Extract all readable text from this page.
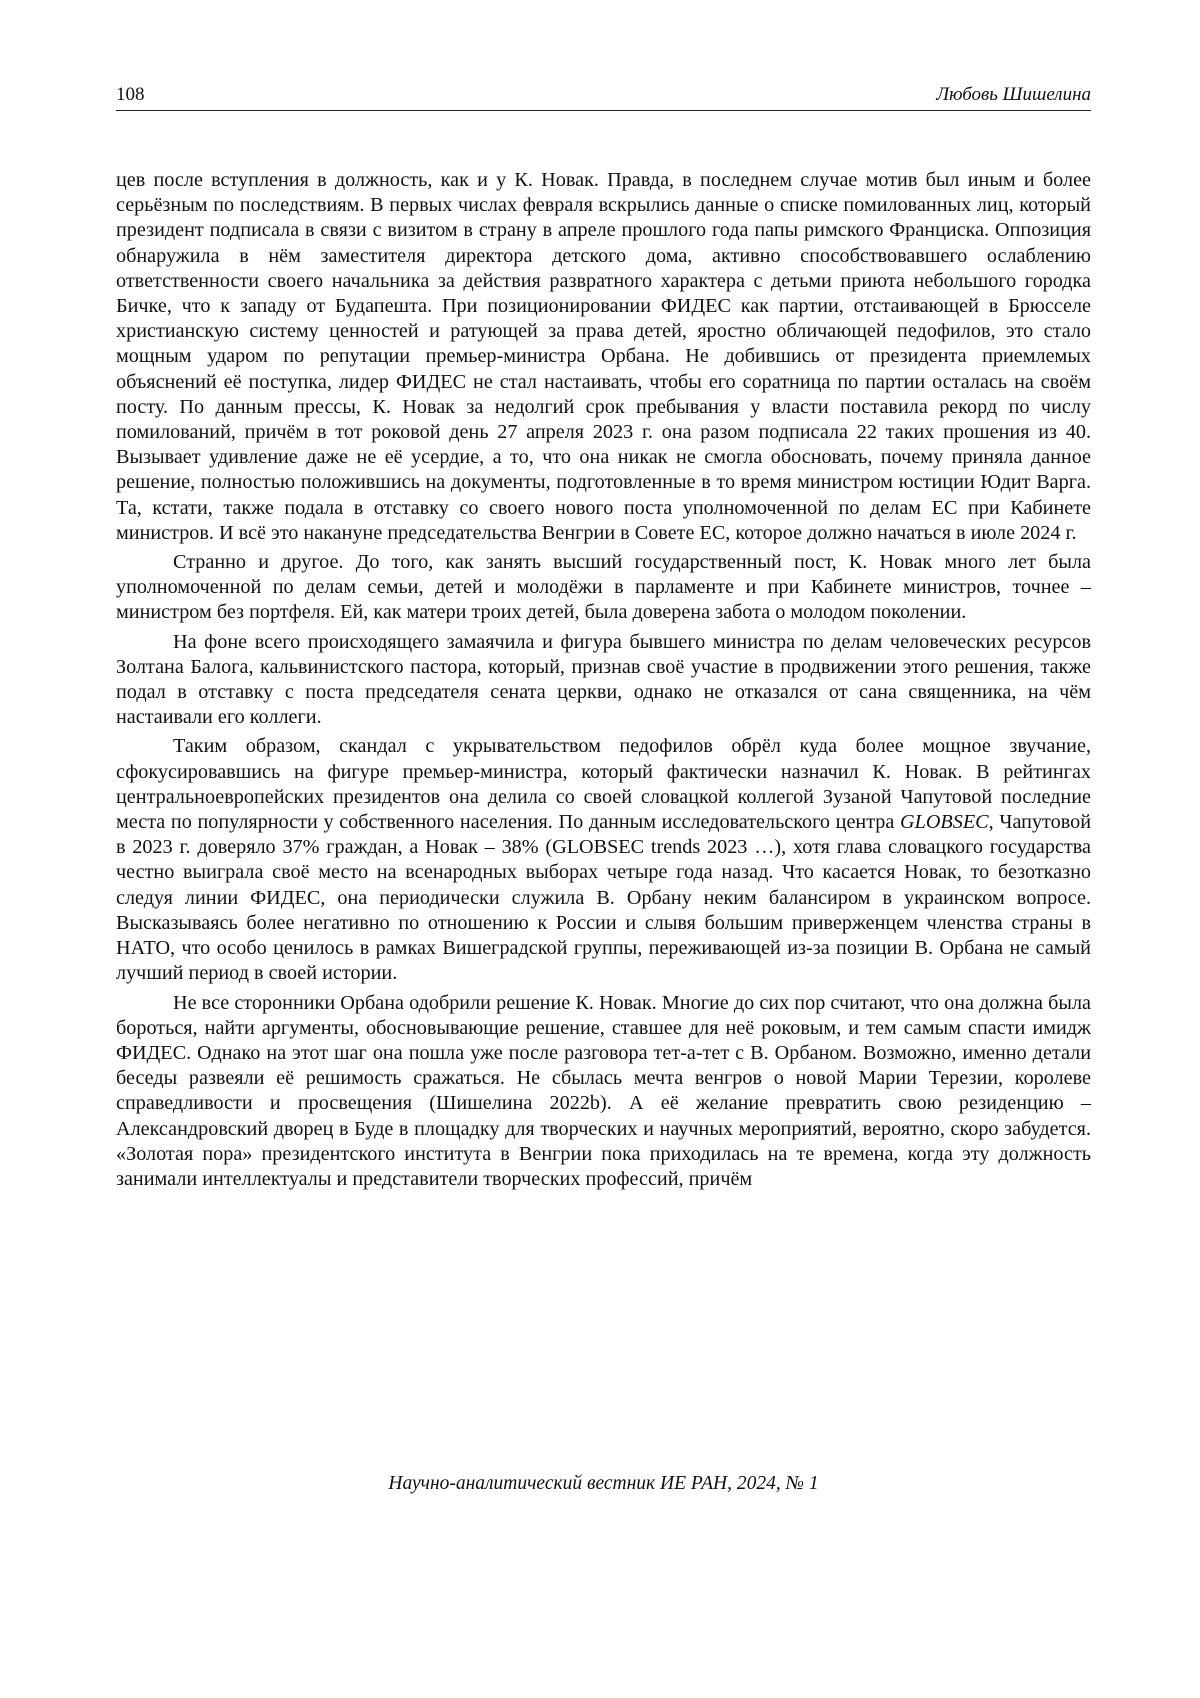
108	Любовь Шишелина

цев после вступления в должность, как и у К. Новак. Правда, в последнем случае мотив был иным и более серьёзным по последствиям. В первых числах февраля вскрылись данные о списке помилованных лиц, который президент подписала в связи с визитом в страну в апреле прошлого года папы римского Франциска. Оппозиция обнаружила в нём заместителя директора детского дома, активно способствовавшего ослаблению ответственности своего начальника за действия развратного характера с детьми приюта небольшого городка Бичке, что к западу от Будапешта. При позиционировании ФИДЕС как партии, отстаивающей в Брюсселе христианскую систему ценностей и ратующей за права детей, яростно обличающей педофилов, это стало мощным ударом по репутации премьер-министра Орбана. Не добившись от президента приемлемых объяснений её поступка, лидер ФИДЕС не стал настаивать, чтобы его соратница по партии осталась на своём посту. По данным прессы, К. Новак за недолгий срок пребывания у власти поставила рекорд по числу помилований, причём в тот роковой день 27 апреля 2023 г. она разом подписала 22 таких прошения из 40. Вызывает удивление даже не её усердие, а то, что она никак не смогла обосновать, почему приняла данное решение, полностью положившись на документы, подготовленные в то время министром юстиции Юдит Варга. Та, кстати, также подала в отставку со своего нового поста уполномоченной по делам ЕС при Кабинете министров. И всё это накануне председательства Венгрии в Совете ЕС, которое должно начаться в июле 2024 г.

Странно и другое. До того, как занять высший государственный пост, К. Новак много лет была уполномоченной по делам семьи, детей и молодёжи в парламенте и при Кабинете министров, точнее – министром без портфеля. Ей, как матери троих детей, была доверена забота о молодом поколении.

На фоне всего происходящего замаячила и фигура бывшего министра по делам человеческих ресурсов Золтана Балога, кальвинистского пастора, который, признав своё участие в продвижении этого решения, также подал в отставку с поста председателя сената церкви, однако не отказался от сана священника, на чём настаивали его коллеги.

Таким образом, скандал с укрывательством педофилов обрёл куда более мощное звучание, сфокусировавшись на фигуре премьер-министра, который фактически назначил К. Новак. В рейтингах центральноевропейских президентов она делила со своей словацкой коллегой Зузаной Чапутовой последние места по популярности у собственного населения. По данным исследовательского центра GLOBSEC, Чапутовой в 2023 г. доверяло 37% граждан, а Новак – 38% (GLOBSEC trends 2023 …), хотя глава словацкого государства честно выиграла своё место на всенародных выборах четыре года назад. Что касается Новак, то безотказно следуя линии ФИДЕС, она периодически служила В. Орбану неким балансиром в украинском вопросе. Высказываясь более негативно по отношению к России и слывя большим приверженцем членства страны в НАТО, что особо ценилось в рамках Вишеградской группы, переживающей из-за позиции В. Орбана не самый лучший период в своей истории.

Не все сторонники Орбана одобрили решение К. Новак. Многие до сих пор считают, что она должна была бороться, найти аргументы, обосновывающие решение, ставшее для неё роковым, и тем самым спасти имидж ФИДЕС. Однако на этот шаг она пошла уже после разговора тет-а-тет с В. Орбаном. Возможно, именно детали беседы развеяли её решимость сражаться. Не сбылась мечта венгров о новой Марии Терезии, королеве справедливости и просвещения (Шишелина 2022b). А её желание превратить свою резиденцию – Александровский дворец в Буде в площадку для творческих и научных мероприятий, вероятно, скоро забудется. «Золотая пора» президентского института в Венгрии пока приходилась на те времена, когда эту должность занимали интеллектуалы и представители творческих профессий, причём

Научно-аналитический вестник ИЕ РАН, 2024, № 1
